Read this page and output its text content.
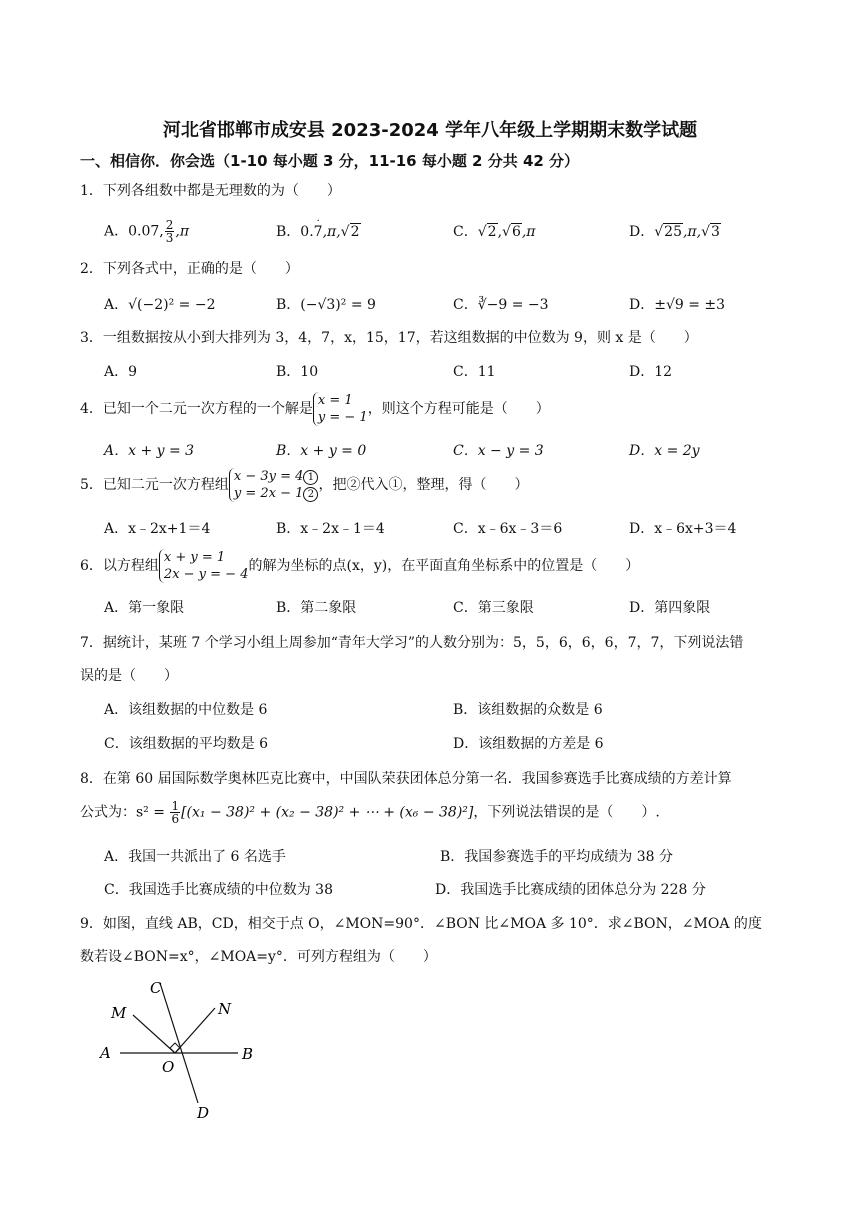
河北省邯郸市成安县 2023-2024 学年八年级上学期期末数学试题
一、相信你．你会选（1-10 每小题 3 分，11-16 每小题 2 分共 42 分）
1．下列各组数中都是无理数的为（　　）
A．0.07, $\frac{2}{3} ,\pi$	B．0.7
·
,π,√2	C．√2,√6,π	D．√25,π,√3
2．下列各式中，正确的是（　　）
A．√(−2)² = −2	B．(−√3)² = 9	C．∛−9 = −3	D．±√9 = ±3
3．一组数据按从小到大排列为 3，4，7，x，15，17，若这组数据的中位数为 9，则 x 是（　　）
A．9	B．10	C．11	D．12
4．已知一个二元一次方程的一个解是
x = 1
y = − 1
，则这个方程可能是（　　）
A．x + y = 3	B．x + y = 0	C．x − y = 3	D．x = 2y
5．已知二元一次方程组
x − 3y = 4 1
y = 2x − 1 2
，把②代入①，整理，得（　　）
A．x﹣2x+1＝4	B．x﹣2x﹣1＝4	C．x﹣6x﹣3＝6	D．x﹣6x+3＝4
6．以方程组
x + y = 1
2x − y = − 4
的解为坐标的点(x，y)，在平面直角坐标系中的位置是（　　）
A．第一象限	B．第二象限	C．第三象限	D．第四象限
7．据统计，某班 7 个学习小组上周参加“青年大学习”的人数分别为：5，5，6，6，6，7，7，下列说法错
误的是（　　）
A．该组数据的中位数是 6	B．该组数据的众数是 6
C．该组数据的平均数是 6	D．该组数据的方差是 6
8．在第 60 届国际数学奥林匹克比赛中，中国队荣获团体总分第一名．我国参赛选手比赛成绩的方差计算
公式为：$s^2 = \frac{1}{6} [(x_1 - 38)^2 + (x_2 - 38)^2$ + ⋯ + (x₆ − 38)²]，下列说法错误的是（　　）.
A．我国一共派出了 6 名选手	B．我国参赛选手的平均成绩为 38 分
C．我国选手比赛成绩的中位数为 38	D．我国选手比赛成绩的团体总分为 228 分
9．如图，直线 AB，CD，相交于点 O，∠MON=90°．∠BON 比∠MOA 多 10°．求∠BON，∠MOA 的度
数若设∠BON=x°，∠MOA=y°．可列方程组为（　　）
A	B
C
D
M	N
O
